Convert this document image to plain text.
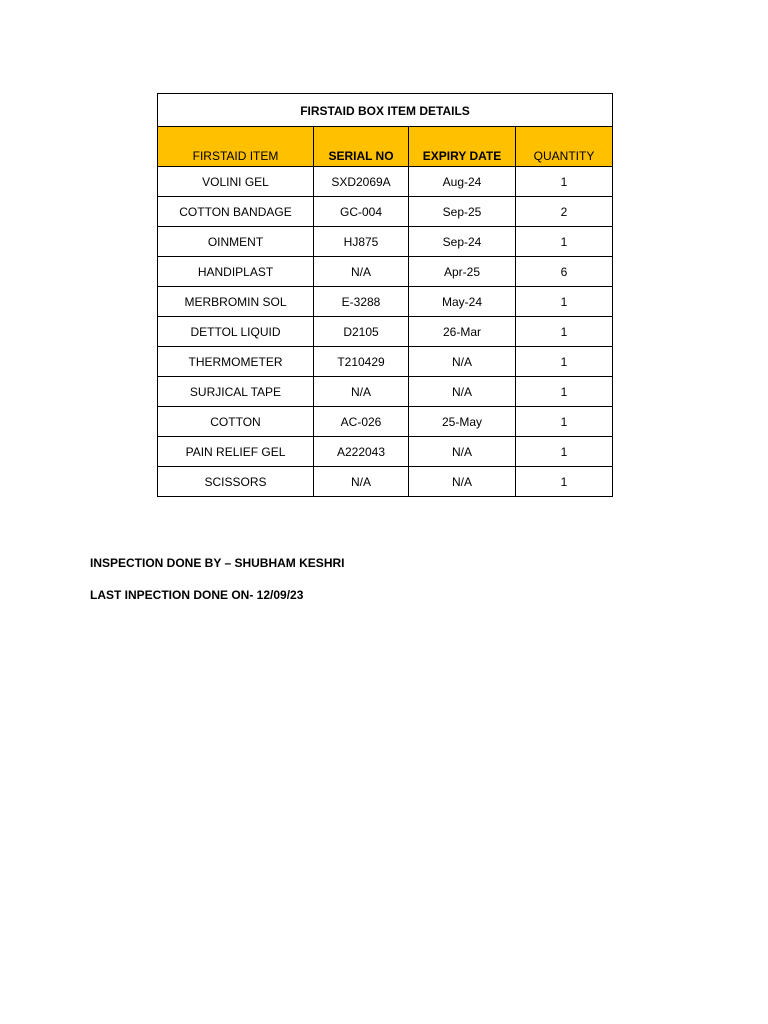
FIRSTAID BOX ITEM DETAILS			
FIRSTAID ITEM	SERIAL NO	EXPIRY DATE	QUANTITY
VOLINI GEL	SXD2069A	Aug-24	1
COTTON BANDAGE	GC-004	Sep-25	2
OINMENT	HJ875	Sep-24	1
HANDIPLAST	N/A	Apr-25	6
MERBROMIN SOL	E-3288	May-24	1
DETTOL LIQUID	D2105	26-Mar	1
THERMOMETER	T210429	N/A	1
SURJICAL TAPE	N/A	N/A	1
COTTON	AC-026	25-May	1
PAIN RELIEF GEL	A222043	N/A	1
SCISSORS	N/A	N/A	1
INSPECTION DONE BY – SHUBHAM KESHRI
LAST INPECTION DONE ON- 12/09/23
